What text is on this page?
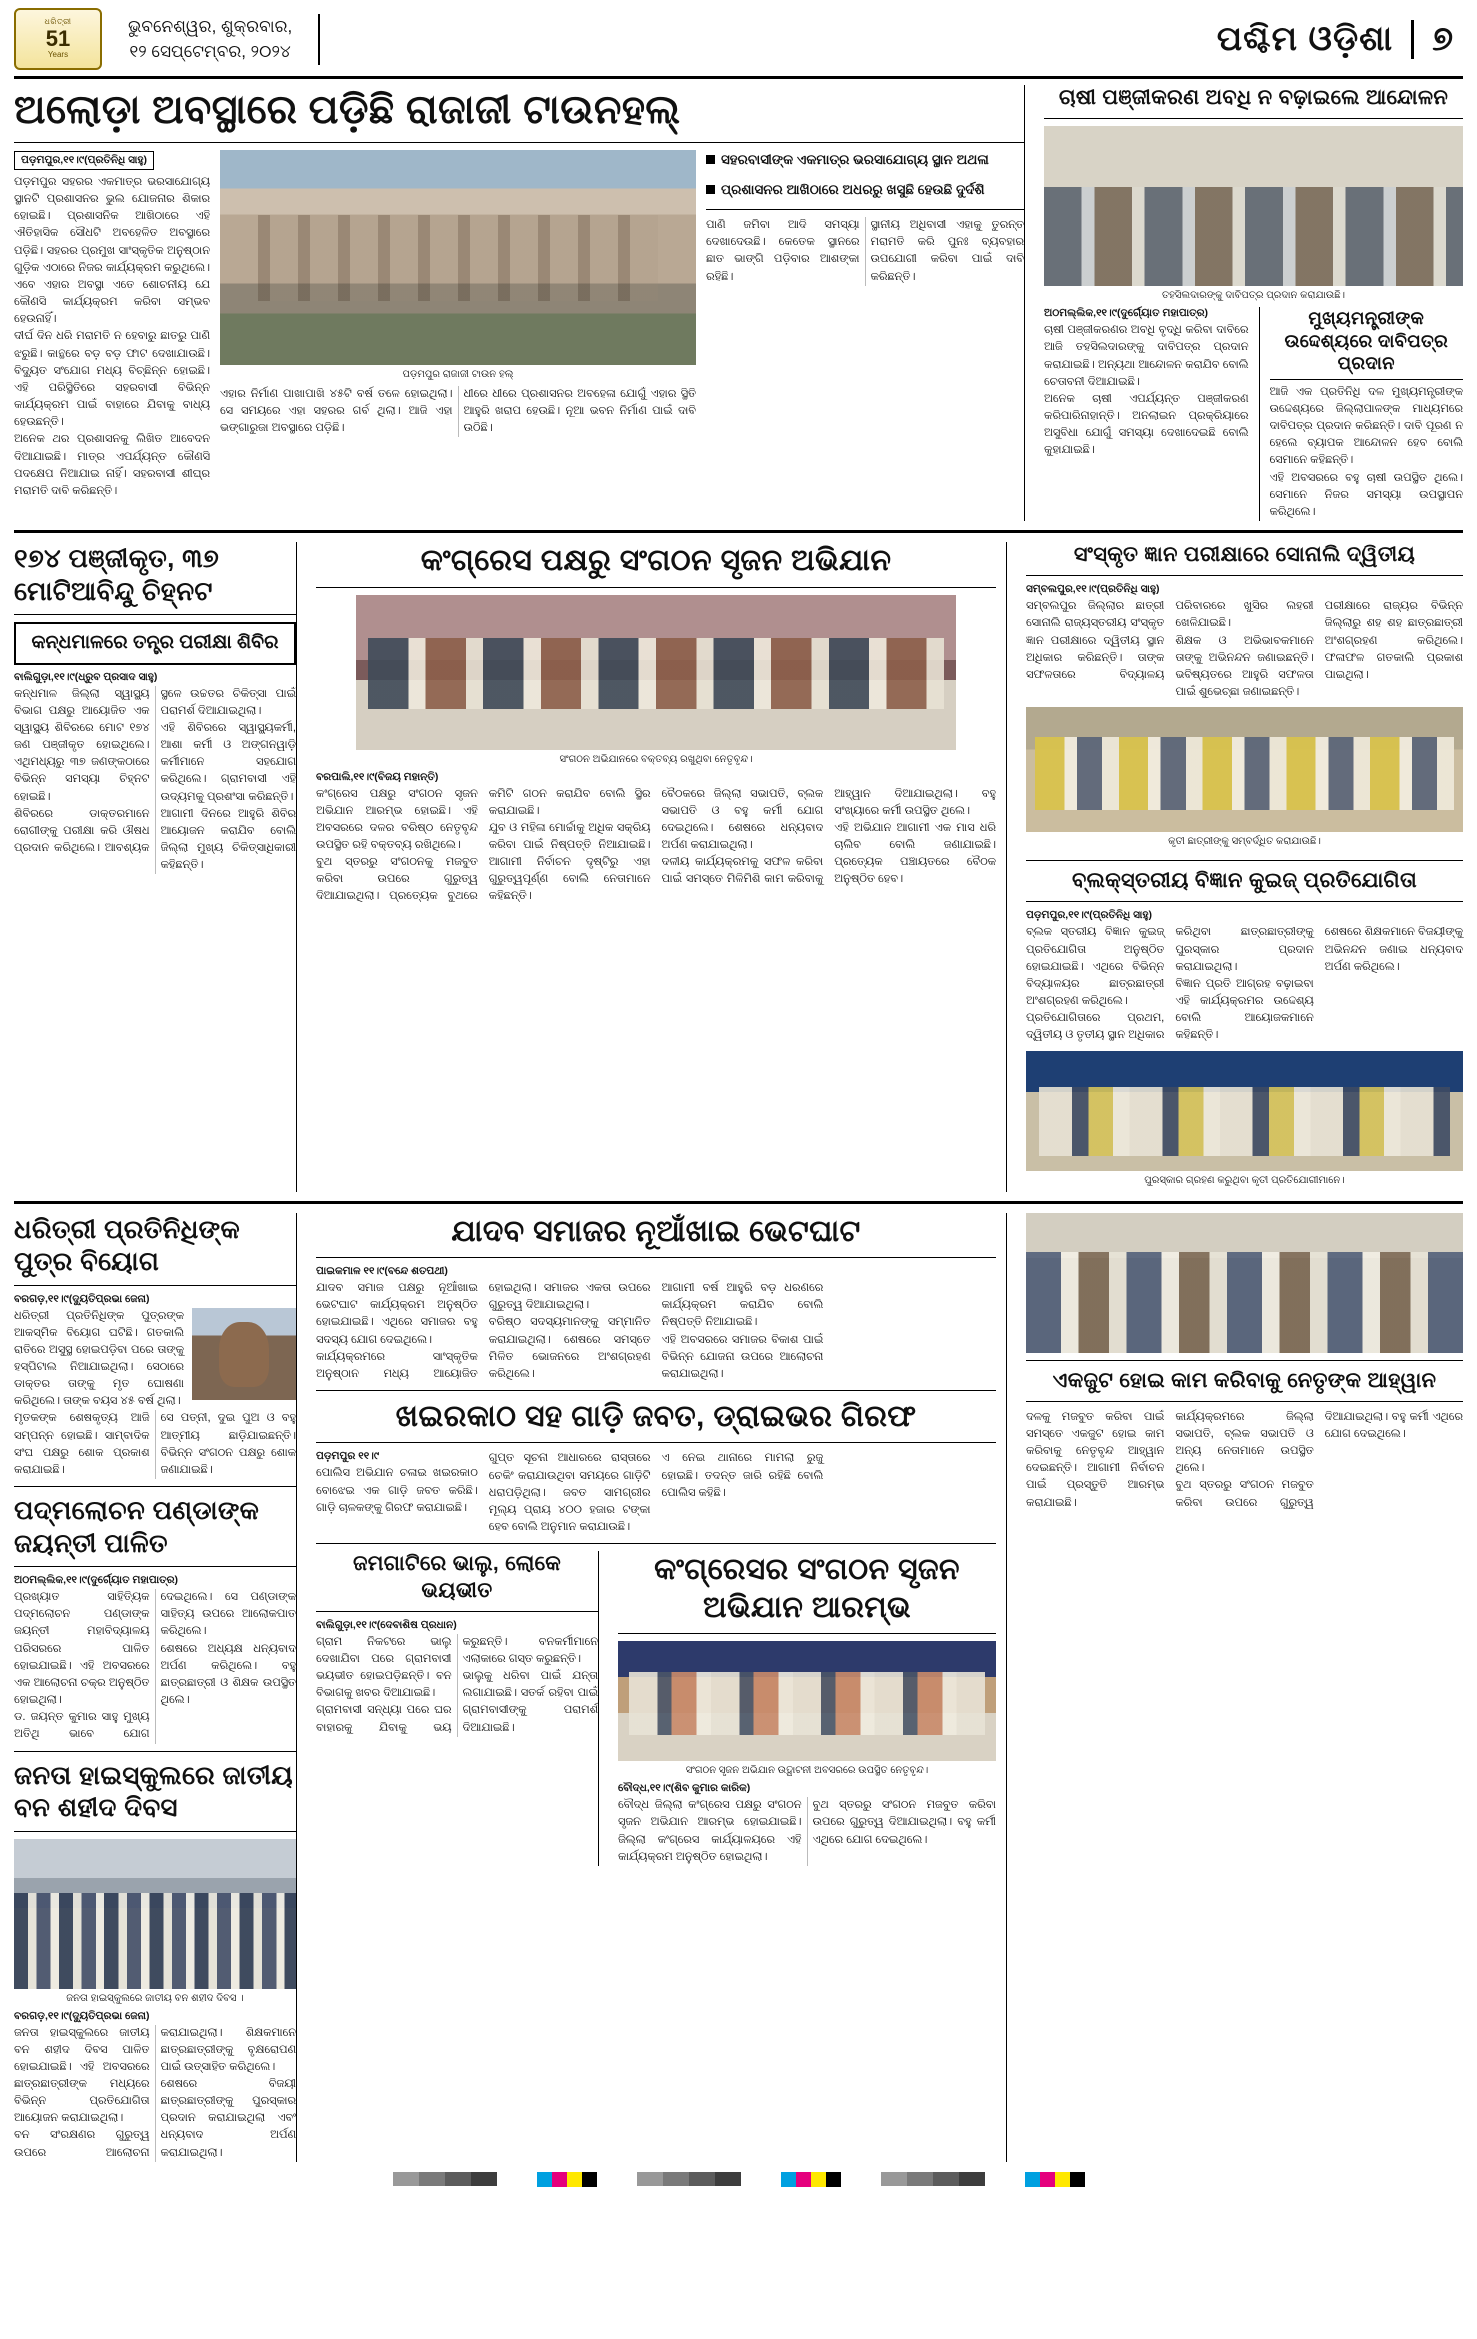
ଧରିତ୍ରୀ
51
Years
ଭୁବନେଶ୍ୱର, ଶୁକ୍ରବାର,
୧୨ ସେପ୍ଟେମ୍ବର, ୨୦୨୪	ପଶ୍ଚିମ ଓଡ଼ିଶା	୭
ଅଲୋଡ଼ା ଅବସ୍ଥାରେ ପଡ଼ିଛି ରାଜାଜୀ ଟାଉନହଲ୍
ପଡ଼ମପୁର,୧୧।୯(ପ୍ରତିନିଧି ସାହୁ)
ପଡ଼ମପୁର ସହରର ଏକମାତ୍ର ଭରସାଯୋଗ୍ୟ ସ୍ଥାନଟି ପ୍ରଶାସନର ଭୁଲ ଯୋଜନାର ଶିକାର ହୋଇଛି। ପ୍ରଶାସନିକ ଆଖିଠାରେ ଏହି ଐତିହାସିକ ସୌଧଟି ଅବହେଳିତ ଅବସ୍ଥାରେ ପଡ଼ିଛି। ସହରର ପ୍ରମୁଖ ସାଂସ୍କୃତିକ ଅନୁଷ୍ଠାନ ଗୁଡ଼ିକ ଏଠାରେ ନିଜର କାର୍ଯ୍ୟକ୍ରମ କରୁଥିଲେ। ଏବେ ଏହାର ଅବସ୍ଥା ଏତେ ଶୋଚନୀୟ ଯେ କୌଣସି କାର୍ଯ୍ୟକ୍ରମ କରିବା ସମ୍ଭବ ହେଉନାହିଁ।
ଦୀର୍ଘ ଦିନ ଧରି ମରାମତି ନ ହେବାରୁ ଛାତରୁ ପାଣି ଝରୁଛି। କାନ୍ଥରେ ବଡ଼ ବଡ଼ ଫାଟ ଦେଖାଯାଉଛି। ବିଦ୍ୟୁତ ସଂଯୋଗ ମଧ୍ୟ ବିଚ୍ଛିନ୍ନ ହୋଇଛି। ଏହି ପରିସ୍ଥିତିରେ ସହରବାସୀ ବିଭିନ୍ନ କାର୍ଯ୍ୟକ୍ରମ ପାଇଁ ବାହାରେ ଯିବାକୁ ବାଧ୍ୟ ହେଉଛନ୍ତି।
ଅନେକ ଥର ପ୍ରଶାସନକୁ ଲିଖିତ ଆବେଦନ ଦିଆଯାଇଛି। ମାତ୍ର ଏପର୍ଯ୍ୟନ୍ତ କୌଣସି ପଦକ୍ଷେପ ନିଆଯାଇ ନାହିଁ। ସହରବାସୀ ଶୀଘ୍ର ମରାମତି ଦାବି କରିଛନ୍ତି।
ପଡ଼ମପୁର ରାଜାଜୀ ଟାଉନ ହଲ୍
ଏହାର ନିର୍ମାଣ ପାଖାପାଖି ୪୫ଟି ବର୍ଷ ତଳେ ହୋଇଥିଲା। ସେ ସମୟରେ ଏହା ସହରର ଗର୍ବ ଥିଲା। ଆଜି ଏହା ଭଙ୍ଗାରୁଜା ଅବସ୍ଥାରେ ପଡ଼ିଛି।
ଧୀରେ ଧୀରେ ପ୍ରଶାସନର ଅବହେଳା ଯୋଗୁଁ ଏହାର ସ୍ଥିତି ଆହୁରି ଖରାପ ହେଉଛି। ନୂଆ ଭବନ ନିର୍ମାଣ ପାଇଁ ଦାବି ଉଠିଛି।
ସହରବାସୀଙ୍କ ଏକମାତ୍ର ଭରସାଯୋଗ୍ୟ ସ୍ଥାନ ଅଥଳା
ପ୍ରଶାସନର ଆଖିଠାରେ ଅଧରରୁ ଖସୁଛି ହେଉଛି ଦୁର୍ଦଶି
ପାଣି ଜମିବା ଆଦି ସମସ୍ୟା ଦେଖାଦେଉଛି। କେତେକ ସ୍ଥାନରେ ଛାତ ଭାଙ୍ଗି ପଡ଼ିବାର ଆଶଙ୍କା ରହିଛି।
ସ୍ଥାନୀୟ ଅଧିବାସୀ ଏହାକୁ ତୁରନ୍ତ ମରାମତି କରି ପୁନଃ ବ୍ୟବହାର ଉପଯୋଗୀ କରିବା ପାଇଁ ଦାବି କରିଛନ୍ତି।
ଚାଷୀ ପଞ୍ଜୀକରଣ ଅବଧି ନ ବଢ଼ାଇଲେ ଆନ୍ଦୋଳନ
ତହସିଲଦାରଙ୍କୁ ଦାବିପତ୍ର ପ୍ରଦାନ କରାଯାଉଛି।
ଅଠମଲ୍ଲିକ,୧୧।୯(ଦୁର୍ଗ୍ୟୋତ ମହାପାତ୍ର)
ଚାଷୀ ପଞ୍ଜୀକରଣର ଅବଧି ବୃଦ୍ଧି କରିବା ଦାବିରେ ଆଜି ତହସିଲଦାରଙ୍କୁ ଦାବିପତ୍ର ପ୍ରଦାନ କରାଯାଇଛି। ଅନ୍ୟଥା ଆନ୍ଦୋଳନ କରାଯିବ ବୋଲି ଚେତାବନୀ ଦିଆଯାଇଛି।
ଅନେକ ଚାଷୀ ଏପର୍ଯ୍ୟନ୍ତ ପଞ୍ଜୀକରଣ କରିପାରିନାହାନ୍ତି। ଅନଲାଇନ ପ୍ରକ୍ରିୟାରେ ଅସୁବିଧା ଯୋଗୁଁ ସମସ୍ୟା ଦେଖାଦେଇଛି ବୋଲି କୁହାଯାଇଛି।
ମୁଖ୍ୟମନ୍ତ୍ରୀଙ୍କ ଉଦ୍ଦେଶ୍ୟରେ ଦାବିପତ୍ର ପ୍ରଦାନ
ଆଜି ଏକ ପ୍ରତିନିଧି ଦଳ ମୁଖ୍ୟମନ୍ତ୍ରୀଙ୍କ ଉଦ୍ଦେଶ୍ୟରେ ଜିଲ୍ଲାପାଳଙ୍କ ମାଧ୍ୟମରେ ଦାବିପତ୍ର ପ୍ରଦାନ କରିଛନ୍ତି। ଦାବି ପୂରଣ ନ ହେଲେ ବ୍ୟାପକ ଆନ୍ଦୋଳନ ହେବ ବୋଲି ସେମାନେ କହିଛନ୍ତି।
ଏହି ଅବସରରେ ବହୁ ଚାଷୀ ଉପସ୍ଥିତ ଥିଲେ। ସେମାନେ ନିଜର ସମସ୍ୟା ଉପସ୍ଥାପନ କରିଥିଲେ।
୧୭୪ ପଞ୍ଜୀକୃତ, ୩୭ ମୋଟିଆବିନ୍ଦୁ ଚିହ୍ନଟ
କନ୍ଧମାଳରେ ତନ୍ତ୍ର ପରୀକ୍ଷା ଶିବିର
ବାଲିଗୁଡ଼ା,୧୧।୯(ଧ୍ରୁବ ପ୍ରସାଦ ସାହୁ)
କନ୍ଧମାଳ ଜିଲ୍ଲା ସ୍ୱାସ୍ଥ୍ୟ ବିଭାଗ ପକ୍ଷରୁ ଆୟୋଜିତ ଏକ ସ୍ୱାସ୍ଥ୍ୟ ଶିବିରରେ ମୋଟ ୧୭୪ ଜଣ ପଞ୍ଜୀକୃତ ହୋଇଥିଲେ। ଏଥିମଧ୍ୟରୁ ୩୭ ଜଣଙ୍କଠାରେ ବିଭିନ୍ନ ସମସ୍ୟା ଚିହ୍ନଟ ହୋଇଛି।
ଶିବିରରେ ଡାକ୍ତରମାନେ ରୋଗୀଙ୍କୁ ପରୀକ୍ଷା କରି ଔଷଧ ପ୍ରଦାନ କରିଥିଲେ। ଆବଶ୍ୟକ ସ୍ଥଳେ ଉଚ୍ଚତର ଚିକିତ୍ସା ପାଇଁ ପରାମର୍ଶ ଦିଆଯାଇଥିଲା।
ଏହି ଶିବିରରେ ସ୍ୱାସ୍ଥ୍ୟକର୍ମୀ, ଆଶା କର୍ମୀ ଓ ଅଙ୍ଗନୱାଡ଼ି କର୍ମୀମାନେ ସହଯୋଗ କରିଥିଲେ। ଗ୍ରାମବାସୀ ଏହି ଉଦ୍ୟମକୁ ପ୍ରଶଂସା କରିଛନ୍ତି।
ଆଗାମୀ ଦିନରେ ଆହୁରି ଶିବିର ଆୟୋଜନ କରାଯିବ ବୋଲି ଜିଲ୍ଲା ମୁଖ୍ୟ ଚିକିତ୍ସାଧିକାରୀ କହିଛନ୍ତି।
କଂଗ୍ରେସ ପକ୍ଷରୁ ସଂଗଠନ ସୃଜନ ଅଭିଯାନ
ସଂଗଠନ ଅଭିଯାନରେ ବକ୍ତବ୍ୟ ରଖୁଥିବା ନେତୃବୃନ୍ଦ।
ବରପାଲି,୧୧।୯(ବିଜୟ ମହାନ୍ତି)
କଂଗ୍ରେସ ପକ୍ଷରୁ ସଂଗଠନ ସୃଜନ ଅଭିଯାନ ଆରମ୍ଭ ହୋଇଛି। ଏହି ଅବସରରେ ଦଳର ବରିଷ୍ଠ ନେତୃବୃନ୍ଦ ଉପସ୍ଥିତ ରହି ବକ୍ତବ୍ୟ ରଖିଥିଲେ।
ବୁଥ ସ୍ତରରୁ ସଂଗଠନକୁ ମଜବୁତ କରିବା ଉପରେ ଗୁରୁତ୍ୱ ଦିଆଯାଇଥିଲା। ପ୍ରତ୍ୟେକ ବୁଥରେ କମିଟି ଗଠନ କରାଯିବ ବୋଲି ସ୍ଥିର କରାଯାଇଛି।
ଯୁବ ଓ ମହିଳା ମୋର୍ଚ୍ଚାକୁ ଅଧିକ ସକ୍ରିୟ କରିବା ପାଇଁ ନିଷ୍ପତ୍ତି ନିଆଯାଇଛି। ଆଗାମୀ ନିର୍ବାଚନ ଦୃଷ୍ଟିରୁ ଏହା ଗୁରୁତ୍ୱପୂର୍ଣ୍ଣ ବୋଲି ନେତାମାନେ କହିଛନ୍ତି।
ବୈଠକରେ ଜିଲ୍ଲା ସଭାପତି, ବ୍ଲକ ସଭାପତି ଓ ବହୁ କର୍ମୀ ଯୋଗ ଦେଇଥିଲେ। ଶେଷରେ ଧନ୍ୟବାଦ ଅର୍ପଣ କରାଯାଇଥିଲା।
ଦଳୀୟ କାର୍ଯ୍ୟକ୍ରମକୁ ସଫଳ କରିବା ପାଇଁ ସମସ୍ତେ ମିଳିମିଶି କାମ କରିବାକୁ ଆହ୍ୱାନ ଦିଆଯାଇଥିଲା। ବହୁ ସଂଖ୍ୟାରେ କର୍ମୀ ଉପସ୍ଥିତ ଥିଲେ।
ଏହି ଅଭିଯାନ ଆଗାମୀ ଏକ ମାସ ଧରି ଚାଲିବ ବୋଲି ଜଣାଯାଇଛି। ପ୍ରତ୍ୟେକ ପଞ୍ଚାୟତରେ ବୈଠକ ଅନୁଷ୍ଠିତ ହେବ।
ସଂସ୍କୃତ ଜ୍ଞାନ ପରୀକ୍ଷାରେ ସୋନାଲି ଦ୍ୱିତୀୟ
ସମ୍ବଲପୁର,୧୧।୯(ପ୍ରତିନିଧି ସାହୁ)
ସମ୍ବଲପୁର ଜିଲ୍ଲାର ଛାତ୍ରୀ ସୋନାଲି ରାଜ୍ୟସ୍ତରୀୟ ସଂସ୍କୃତ ଜ୍ଞାନ ପରୀକ୍ଷାରେ ଦ୍ୱିତୀୟ ସ୍ଥାନ ଅଧିକାର କରିଛନ୍ତି। ତାଙ୍କ ସଫଳତାରେ ବିଦ୍ୟାଳୟ ପରିବାରରେ ଖୁସିର ଲହରୀ ଖେଳିଯାଇଛି।
ଶିକ୍ଷକ ଓ ଅଭିଭାବକମାନେ ତାଙ୍କୁ ଅଭିନନ୍ଦନ ଜଣାଇଛନ୍ତି। ଭବିଷ୍ୟତରେ ଆହୁରି ସଫଳତା ପାଇଁ ଶୁଭେଚ୍ଛା ଜଣାଇଛନ୍ତି।
ପରୀକ୍ଷାରେ ରାଜ୍ୟର ବିଭିନ୍ନ ଜିଲ୍ଲାରୁ ଶହ ଶହ ଛାତ୍ରଛାତ୍ରୀ ଅଂଶଗ୍ରହଣ କରିଥିଲେ। ଫଳାଫଳ ଗତକାଲି ପ୍ରକାଶ ପାଇଥିଲା।
କୃତୀ ଛାତ୍ରୀଙ୍କୁ ସମ୍ବର୍ଦ୍ଧିତ କରାଯାଉଛି।
ବ୍ଲକ୍‌ସ୍ତରୀୟ ବିଜ୍ଞାନ କୁଇଜ୍ ପ୍ରତିଯୋଗିତା
ପଡ଼ମପୁର,୧୧।୯(ପ୍ରତିନିଧି ସାହୁ)
ବ୍ଲକ ସ୍ତରୀୟ ବିଜ୍ଞାନ କୁଇଜ୍ ପ୍ରତିଯୋଗିତା ଅନୁଷ୍ଠିତ ହୋଇଯାଇଛି। ଏଥିରେ ବିଭିନ୍ନ ବିଦ୍ୟାଳୟର ଛାତ୍ରଛାତ୍ରୀ ଅଂଶଗ୍ରହଣ କରିଥିଲେ।
ପ୍ରତିଯୋଗିତାରେ ପ୍ରଥମ, ଦ୍ୱିତୀୟ ଓ ତୃତୀୟ ସ୍ଥାନ ଅଧିକାର କରିଥିବା ଛାତ୍ରଛାତ୍ରୀଙ୍କୁ ପୁରସ୍କାର ପ୍ରଦାନ କରାଯାଇଥିଲା।
ବିଜ୍ଞାନ ପ୍ରତି ଆଗ୍ରହ ବଢ଼ାଇବା ଏହି କାର୍ଯ୍ୟକ୍ରମର ଉଦ୍ଦେଶ୍ୟ ବୋଲି ଆୟୋଜକମାନେ କହିଛନ୍ତି।
ଶେଷରେ ଶିକ୍ଷକମାନେ ବିଜୟୀଙ୍କୁ ଅଭିନନ୍ଦନ ଜଣାଇ ଧନ୍ୟବାଦ ଅର୍ପଣ କରିଥିଲେ।
ପୁରସ୍କାର ଗ୍ରହଣ କରୁଥିବା କୃତୀ ପ୍ରତିଯୋଗୀମାନେ।
ଧରିତ୍ରୀ ପ୍ରତିନିଧିଙ୍କ ପୁତ୍ର ବିୟୋଗ
ବରଗଡ଼,୧୧।୯(ଦ୍ୟୁତିପ୍ରଭା ଜେନା)
ଧରିତ୍ରୀ ପ୍ରତିନିଧିଙ୍କ ପୁତ୍ରଙ୍କ ଆକସ୍ମିକ ବିୟୋଗ ଘଟିଛି। ଗତକାଲି ରାତିରେ ଅସୁସ୍ଥ ହୋଇପଡ଼ିବା ପରେ ତାଙ୍କୁ ହସ୍ପିଟାଲ ନିଆଯାଇଥିଲା। ସେଠାରେ ଡାକ୍ତର ତାଙ୍କୁ ମୃତ ଘୋଷଣା କରିଥିଲେ। ତାଙ୍କ ବୟସ ୪୫ ବର୍ଷ ଥିଲା।
ମୃତକଙ୍କ ଶେଷକୃତ୍ୟ ଆଜି ସମ୍ପନ୍ନ ହୋଇଛି। ସାମ୍ବାଦିକ ସଂଘ ପକ୍ଷରୁ ଶୋକ ପ୍ରକାଶ କରାଯାଇଛି।
ସେ ପତ୍ନୀ, ଦୁଇ ପୁଅ ଓ ବହୁ ଆତ୍ମୀୟ ଛାଡ଼ିଯାଇଛନ୍ତି। ବିଭିନ୍ନ ସଂଗଠନ ପକ୍ଷରୁ ଶୋକ ଜଣାଯାଇଛି।
ପଦ୍ମଲୋଚନ ପଣ୍ଡାଙ୍କ ଜୟନ୍ତୀ ପାଳିତ
ଅଠମଲ୍ଲିକ,୧୧।୯(ଦୁର୍ଗ୍ୟୋତ ମହାପାତ୍ର)
ପ୍ରଖ୍ୟାତ ସାହିତ୍ୟିକ ପଦ୍ମଲୋଚନ ପଣ୍ଡାଙ୍କ ଜୟନ୍ତୀ ମହାବିଦ୍ୟାଳୟ ପରିସରରେ ପାଳିତ ହୋଇଯାଇଛି। ଏହି ଅବସରରେ ଏକ ଆଲୋଚନା ଚକ୍ର ଅନୁଷ୍ଠିତ ହୋଇଥିଲା।
ଡ. ଜୟନ୍ତ କୁମାର ସାହୁ ମୁଖ୍ୟ ଅତିଥି ଭାବେ ଯୋଗ ଦେଇଥିଲେ। ସେ ପଣ୍ଡାଙ୍କ ସାହିତ୍ୟ ଉପରେ ଆଲୋକପାତ କରିଥିଲେ।
ଶେଷରେ ଅଧ୍ୟକ୍ଷ ଧନ୍ୟବାଦ ଅର୍ପଣ କରିଥିଲେ। ବହୁ ଛାତ୍ରଛାତ୍ରୀ ଓ ଶିକ୍ଷକ ଉପସ୍ଥିତ ଥିଲେ।
ଜନତା ହାଇସ୍କୁଲରେ ଜାତୀୟ ବନ ଶହୀଦ ଦିବସ
ଜନତା ହାଇସ୍କୁଲରେ ଜାତୀୟ ବନ ଶହୀଦ ଦିବସ ।
ବରଗଡ଼,୧୧।୯(ଦ୍ୟୁତିପ୍ରଭା ଜେନା)
ଜନତା ହାଇସ୍କୁଲରେ ଜାତୀୟ ବନ ଶହୀଦ ଦିବସ ପାଳିତ ହୋଇଯାଇଛି। ଏହି ଅବସରରେ ଛାତ୍ରଛାତ୍ରୀଙ୍କ ମଧ୍ୟରେ ବିଭିନ୍ନ ପ୍ରତିଯୋଗିତା ଆୟୋଜନ କରାଯାଇଥିଲା।
ବନ ସଂରକ୍ଷଣର ଗୁରୁତ୍ୱ ଉପରେ ଆଲୋଚନା କରାଯାଇଥିଲା। ଶିକ୍ଷକମାନେ ଛାତ୍ରଛାତ୍ରୀଙ୍କୁ ବୃକ୍ଷରୋପଣ ପାଇଁ ଉତ୍ସାହିତ କରିଥିଲେ।
ଶେଷରେ ବିଜୟୀ ଛାତ୍ରଛାତ୍ରୀଙ୍କୁ ପୁରସ୍କାର ପ୍ରଦାନ କରାଯାଇଥିଲା ଏବଂ ଧନ୍ୟବାଦ ଅର୍ପଣ କରାଯାଇଥିଲା।
ଯାଦବ ସମାଜର ନୂଆଁଖାଇ ଭେଟଘାଟ
ପାଇକମାଳ ୧୧।୯(ବନ୍ଦେ ଶତପଥୀ)
ଯାଦବ ସମାଜ ପକ୍ଷରୁ ନୂଆଁଖାଇ ଭେଟଘାଟ କାର୍ଯ୍ୟକ୍ରମ ଅନୁଷ୍ଠିତ ହୋଇଯାଇଛି। ଏଥିରେ ସମାଜର ବହୁ ସଦସ୍ୟ ଯୋଗ ଦେଇଥିଲେ।
କାର୍ଯ୍ୟକ୍ରମରେ ସାଂସ୍କୃତିକ ଅନୁଷ୍ଠାନ ମଧ୍ୟ ଆୟୋଜିତ ହୋଇଥିଲା। ସମାଜର ଏକତା ଉପରେ ଗୁରୁତ୍ୱ ଦିଆଯାଇଥିଲା।
ବରିଷ୍ଠ ସଦସ୍ୟମାନଙ୍କୁ ସମ୍ମାନିତ କରାଯାଇଥିଲା। ଶେଷରେ ସମସ୍ତେ ମିଳିତ ଭୋଜନରେ ଅଂଶଗ୍ରହଣ କରିଥିଲେ।
ଆଗାମୀ ବର୍ଷ ଆହୁରି ବଡ଼ ଧରଣରେ କାର୍ଯ୍ୟକ୍ରମ କରାଯିବ ବୋଲି ନିଷ୍ପତ୍ତି ନିଆଯାଇଛି।
ଏହି ଅବସରରେ ସମାଜର ବିକାଶ ପାଇଁ ବିଭିନ୍ନ ଯୋଜନା ଉପରେ ଆଲୋଚନା କରାଯାଇଥିଲା।
ଖଇରକାଠ ସହ ଗାଡ଼ି ଜବତ, ଡ୍ରାଇଭର ଗିରଫ
ପଡ଼ମପୁର ୧୧।୯
ପୋଲିସ ଅଭିଯାନ ଚଳାଇ ଖଇରକାଠ ବୋଝେଇ ଏକ ଗାଡ଼ି ଜବତ କରିଛି। ଗାଡ଼ି ଚାଳକଙ୍କୁ ଗିରଫ କରାଯାଇଛି।
ଗୁପ୍ତ ସୂଚନା ଆଧାରରେ ରାସ୍ତାରେ ଚେକିଂ କରାଯାଉଥିବା ସମୟରେ ଗାଡ଼ିଟି ଧରାପଡ଼ିଥିଲା। ଜବତ ସାମଗ୍ରୀର ମୂଲ୍ୟ ପ୍ରାୟ ୪୦୦ ହଜାର ଟଙ୍କା ହେବ ବୋଲି ଅନୁମାନ କରାଯାଉଛି।
ଏ ନେଇ ଥାନାରେ ମାମଲା ରୁଜୁ ହୋଇଛି। ତଦନ୍ତ ଜାରି ରହିଛି ବୋଲି ପୋଲିସ କହିଛି।
ଜମଗାଟିରେ ଭାଲୁ, ଲୋକେ ଭୟଭୀତ
ବାଲିଗୁଡ଼ା,୧୧।୯(ଦେବାଶିଷ ପ୍ରଧାନ)
ଗ୍ରାମ ନିକଟରେ ଭାଲୁ ଦେଖାଯିବା ପରେ ଗ୍ରାମବାସୀ ଭୟଭୀତ ହୋଇପଡ଼ିଛନ୍ତି। ବନ ବିଭାଗକୁ ଖବର ଦିଆଯାଇଛି।
ଗ୍ରାମବାସୀ ସନ୍ଧ୍ୟା ପରେ ଘର ବାହାରକୁ ଯିବାକୁ ଭୟ କରୁଛନ୍ତି। ବନକର୍ମୀମାନେ ଏଲାକାରେ ଗସ୍ତ କରୁଛନ୍ତି।
ଭାଲୁକୁ ଧରିବା ପାଇଁ ଯନ୍ତା ଲଗାଯାଇଛି। ସତର୍କ ରହିବା ପାଇଁ ଗ୍ରାମବାସୀଙ୍କୁ ପରାମର୍ଶ ଦିଆଯାଇଛି।
କଂଗ୍ରେସର ସଂଗଠନ ସୃଜନ ଅଭିଯାନ ଆରମ୍ଭ
ସଂଗଠନ ସୃଜନ ଅଭିଯାନ ଉଦ୍ଘାଟନୀ ଅବସରରେ ଉପସ୍ଥିତ ନେତୃବୃନ୍ଦ।
ବୌଦ୍ଧ,୧୧।୯(ଶିବ କୁମାର କାରିକ)
ବୌଦ୍ଧ ଜିଲ୍ଲା କଂଗ୍ରେସ ପକ୍ଷରୁ ସଂଗଠନ ସୃଜନ ଅଭିଯାନ ଆରମ୍ଭ ହୋଇଯାଇଛି। ଜିଲ୍ଲା କଂଗ୍ରେସ କାର୍ଯ୍ୟାଳୟରେ ଏହି କାର୍ଯ୍ୟକ୍ରମ ଅନୁଷ୍ଠିତ ହୋଇଥିଲା।
ବୁଥ ସ୍ତରରୁ ସଂଗଠନ ମଜବୁତ କରିବା ଉପରେ ଗୁରୁତ୍ୱ ଦିଆଯାଇଥିଲା। ବହୁ କର୍ମୀ ଏଥିରେ ଯୋଗ ଦେଇଥିଲେ।
ଏକଜୁଟ ହୋଇ କାମ କରିବାକୁ ନେତୃଙ୍କ ଆହ୍ୱାନ
ଦଳକୁ ମଜବୁତ କରିବା ପାଇଁ ସମସ୍ତେ ଏକଜୁଟ ହୋଇ କାମ କରିବାକୁ ନେତୃବୃନ୍ଦ ଆହ୍ୱାନ ଦେଇଛନ୍ତି। ଆଗାମୀ ନିର୍ବାଚନ ପାଇଁ ପ୍ରସ୍ତୁତି ଆରମ୍ଭ କରାଯାଇଛି।
କାର୍ଯ୍ୟକ୍ରମରେ ଜିଲ୍ଲା ସଭାପତି, ବ୍ଲକ ସଭାପତି ଓ ଅନ୍ୟ ନେତାମାନେ ଉପସ୍ଥିତ ଥିଲେ।
ବୁଥ ସ୍ତରରୁ ସଂଗଠନ ମଜବୁତ କରିବା ଉପରେ ଗୁରୁତ୍ୱ ଦିଆଯାଇଥିଲା। ବହୁ କର୍ମୀ ଏଥିରେ ଯୋଗ ଦେଇଥିଲେ।
